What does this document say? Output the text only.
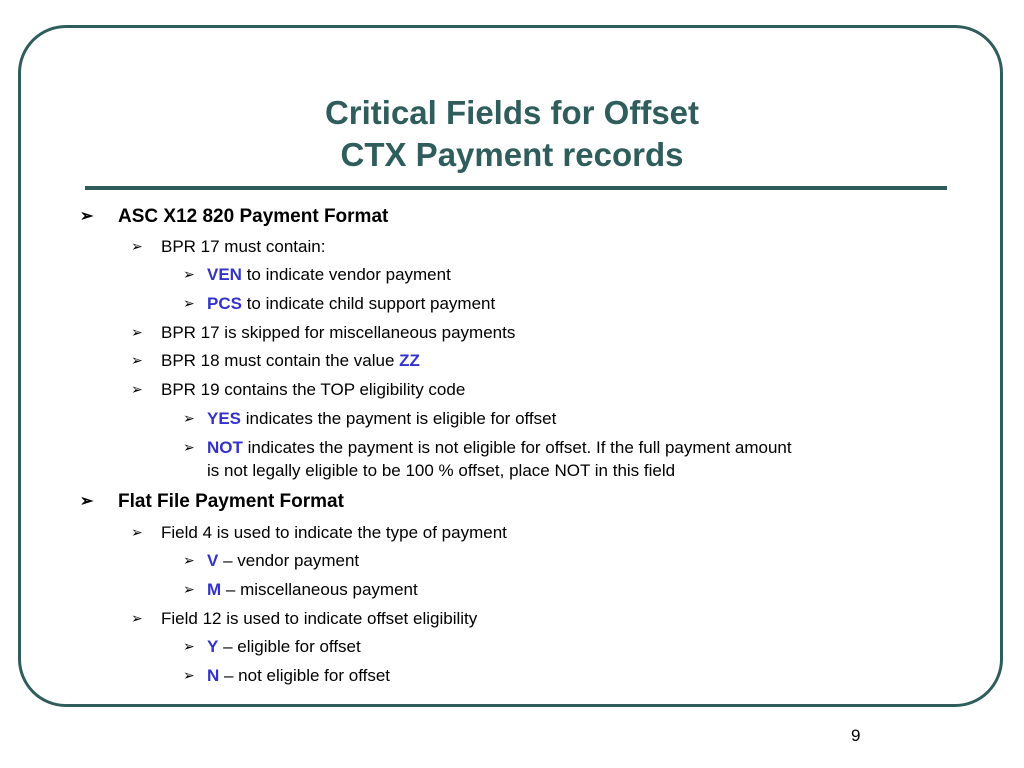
Critical Fields for Offset
CTX Payment records
➢ ASC X12 820 Payment Format
➢ BPR 17 must contain:
➢ VEN to indicate vendor payment
➢ PCS to indicate child support payment
➢ BPR 17 is skipped for miscellaneous payments
➢ BPR 18 must contain the value ZZ
➢ BPR 19 contains the TOP eligibility code
➢ YES indicates the payment is eligible for offset
➢ NOT indicates the payment is not eligible for offset. If the full payment amount
is not legally eligible to be 100 % offset, place NOT in this field
➢ Flat File Payment Format
➢ Field 4 is used to indicate the type of payment
➢ V – vendor payment
➢ M – miscellaneous payment
➢ Field 12 is used to indicate offset eligibility
➢ Y – eligible for offset
➢ N – not eligible for offset
9
